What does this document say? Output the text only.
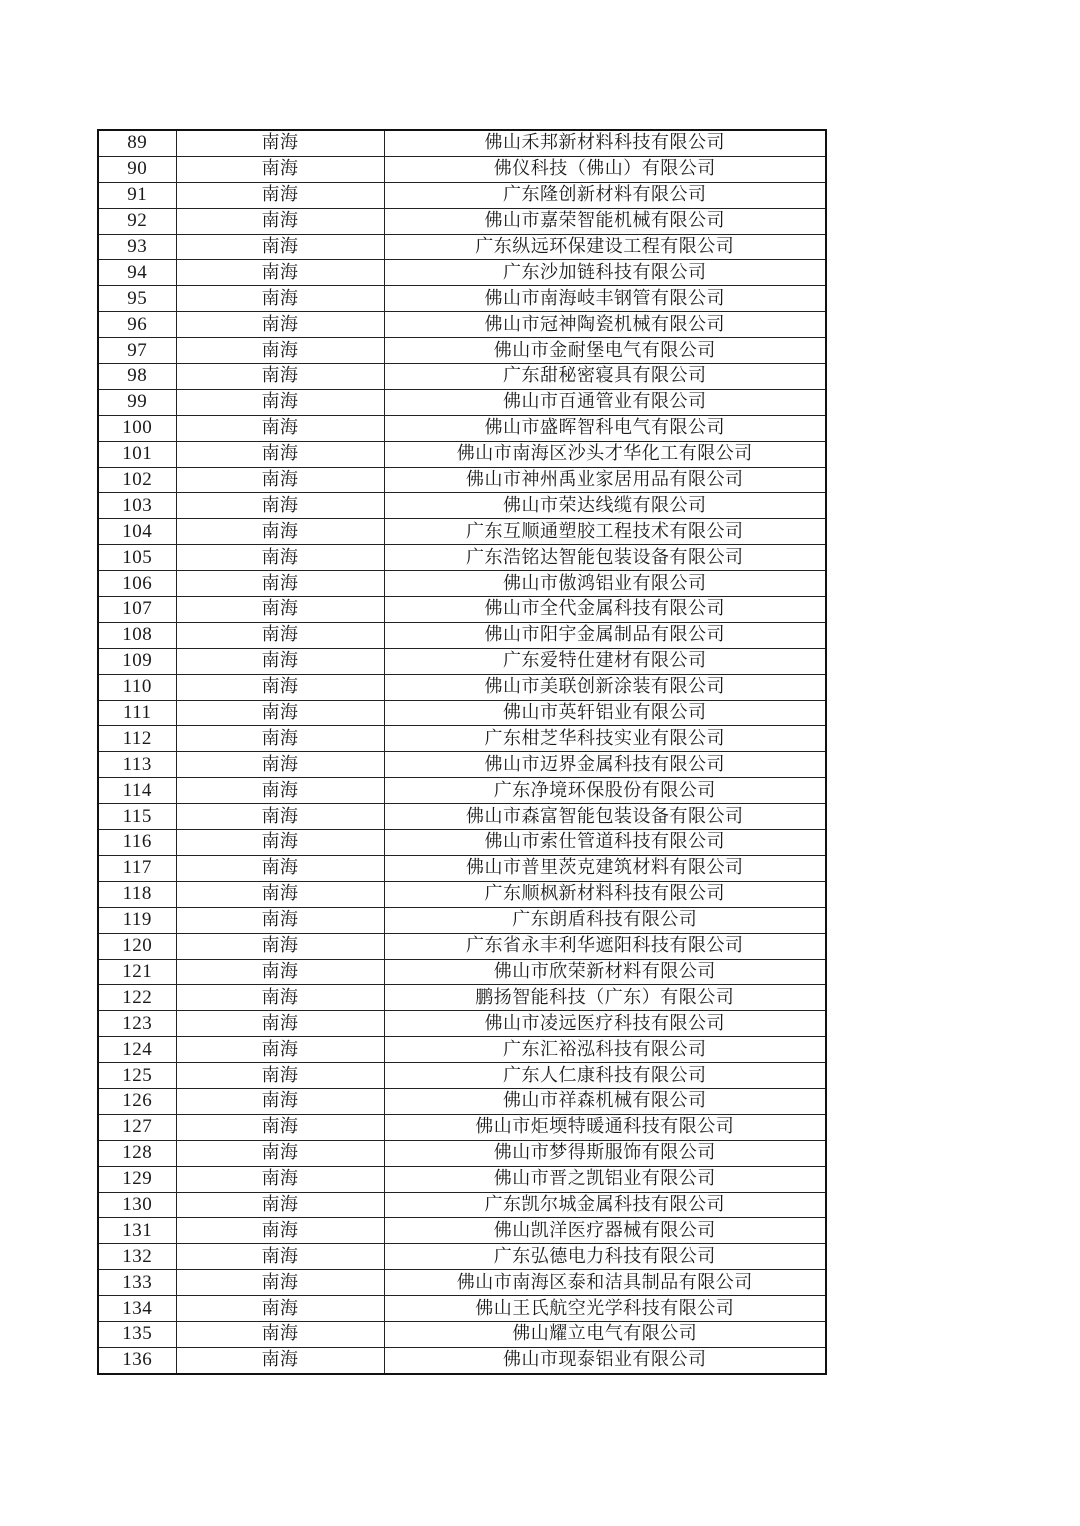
89	南海	佛山禾邦新材料科技有限公司
90	南海	佛仪科技（佛山）有限公司
91	南海	广东隆创新材料有限公司
92	南海	佛山市嘉荣智能机械有限公司
93	南海	广东纵远环保建设工程有限公司
94	南海	广东沙加链科技有限公司
95	南海	佛山市南海岐丰钢管有限公司
96	南海	佛山市冠神陶瓷机械有限公司
97	南海	佛山市金耐堡电气有限公司
98	南海	广东甜秘密寝具有限公司
99	南海	佛山市百通管业有限公司
100	南海	佛山市盛晖智科电气有限公司
101	南海	佛山市南海区沙头才华化工有限公司
102	南海	佛山市神州禹业家居用品有限公司
103	南海	佛山市荣达线缆有限公司
104	南海	广东互顺通塑胶工程技术有限公司
105	南海	广东浩铭达智能包装设备有限公司
106	南海	佛山市傲鸿铝业有限公司
107	南海	佛山市全代金属科技有限公司
108	南海	佛山市阳宇金属制品有限公司
109	南海	广东爱特仕建材有限公司
110	南海	佛山市美联创新涂装有限公司
111	南海	佛山市英轩铝业有限公司
112	南海	广东柑芝华科技实业有限公司
113	南海	佛山市迈界金属科技有限公司
114	南海	广东净境环保股份有限公司
115	南海	佛山市森富智能包装设备有限公司
116	南海	佛山市索仕管道科技有限公司
117	南海	佛山市普里茨克建筑材料有限公司
118	南海	广东顺枫新材料科技有限公司
119	南海	广东朗盾科技有限公司
120	南海	广东省永丰利华遮阳科技有限公司
121	南海	佛山市欣荣新材料有限公司
122	南海	鹏扬智能科技（广东）有限公司
123	南海	佛山市凌远医疗科技有限公司
124	南海	广东汇裕泓科技有限公司
125	南海	广东人仁康科技有限公司
126	南海	佛山市祥森机械有限公司
127	南海	佛山市炬堧特暖通科技有限公司
128	南海	佛山市梦得斯服饰有限公司
129	南海	佛山市晋之凯铝业有限公司
130	南海	广东凯尔城金属科技有限公司
131	南海	佛山凯洋医疗器械有限公司
132	南海	广东弘德电力科技有限公司
133	南海	佛山市南海区泰和洁具制品有限公司
134	南海	佛山王氏航空光学科技有限公司
135	南海	佛山耀立电气有限公司
136	南海	佛山市现泰铝业有限公司
